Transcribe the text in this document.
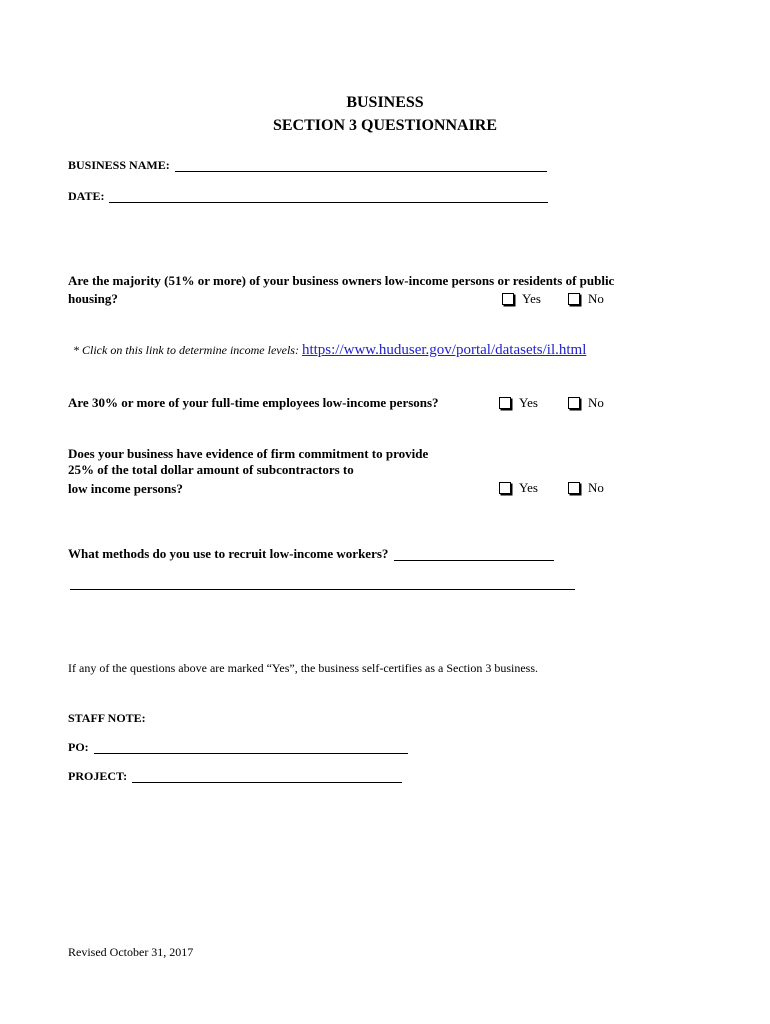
BUSINESS
SECTION 3 QUESTIONNAIRE
BUSINESS NAME:
DATE:
Are the majority (51% or more) of your business owners low-income persons or residents of public
housing?	Yes	No
* Click on this link to determine income levels: https://www.huduser.gov/portal/datasets/il.html
Are 30% or more of your full-time employees low-income persons?	Yes	No
Does your business have evidence of firm commitment to provide
25% of the total dollar amount of subcontractors to
low income persons?	Yes	No
What methods do you use to recruit low-income workers?
If any of the questions above are marked “Yes”, the business self-certifies as a Section 3 business.
STAFF NOTE:
PO:
PROJECT:
Revised October 31, 2017
